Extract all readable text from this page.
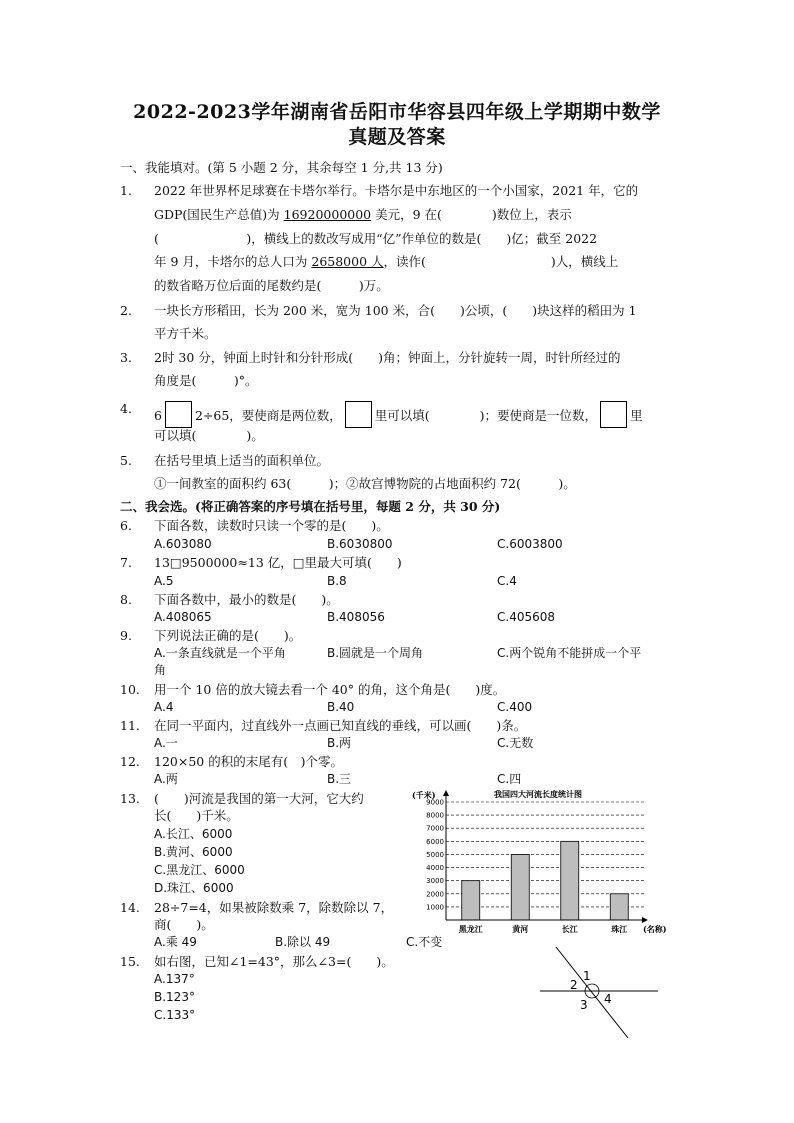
2022-2023学年湖南省岳阳市华容县四年级上学期期中数学
真题及答案
一、我能填对。(第 5 小题 2 分，其余每空 1 分,共 13 分)
1. 2022 年世界杯足球赛在卡塔尔举行。卡塔尔是中东地区的一个小国家，2021 年，它的
GDP(国民生产总值)为 16920000000 美元，9 在(　　　　)数位上，表示
(　　　　　　　)，横线上的数改写成用“亿”作单位的数是(　　)亿；截至 2022
年 9 月，卡塔尔的总人口为 2658000 人，读作(　　　　　　　　　　)人，横线上
的数省略万位后面的尾数约是(　　　)万。
2. 一块长方形稻田，长为 200 米，宽为 100 米，合(　　)公顷，(　　)块这样的稻田为 1
平方千米。
3. 2时 30 分，钟面上时针和分针形成(　　)角；钟面上，分针旋转一周，时针所经过的
角度是(　　　)°。
4. 6	2÷65，要使商是两位数，	里可以填(　　　　)；要使商是一位数，	里
可以填(　　　　)。
5. 在括号里填上适当的面积单位。
①一间教室的面积约 63(　　　)；②故宫博物院的占地面积约 72(　　　)。
二、我会选。(将正确答案的序号填在括号里，每题 2 分，共 30 分)
6. 下面各数，读数时只读一个零的是(　　)。
A.603080	B.6030800	C.6003800
7. 13□9500000≈13 亿，□里最大可填(　　)
A.5	B.8	C.4
8. 下面各数中，最小的数是(　　)。
A.408065	B.408056	C.405608
9. 下列说法正确的是(　　)。
A.一条直线就是一个平角	B.圆就是一个周角	C.两个锐角不能拼成一个平
角
10. 用一个 10 倍的放大镜去看一个 40° 的角，这个角是(　　)度。
A.4	B.40	C.400
11. 在同一平面内，过直线外一点画已知直线的垂线，可以画(　　)条。
A.一	B.两	C.无数
12. 120×50 的积的末尾有(　)个零。
A.两	B.三	C.四
13. (　　)河流是我国的第一大河，它大约
长(　　)千米。
A.长江、6000
B.黄河、6000
C.黑龙江、6000
D.珠江、6000
14. 28÷7=4，如果被除数乘 7，除数除以 7，
商(　　)。
A.乘 49	B.除以 49	C.不变
15. 如右图，已知∠1=43°，那么∠3=(　　)。
A.137°
B.123°
C.133°
我国四大河流长度统计图
(千米)
1000
2000
3000
4000
5000
6000
7000
8000
9000
黑龙江	黄河	长江	珠江 (名称)
1
2
3 4
